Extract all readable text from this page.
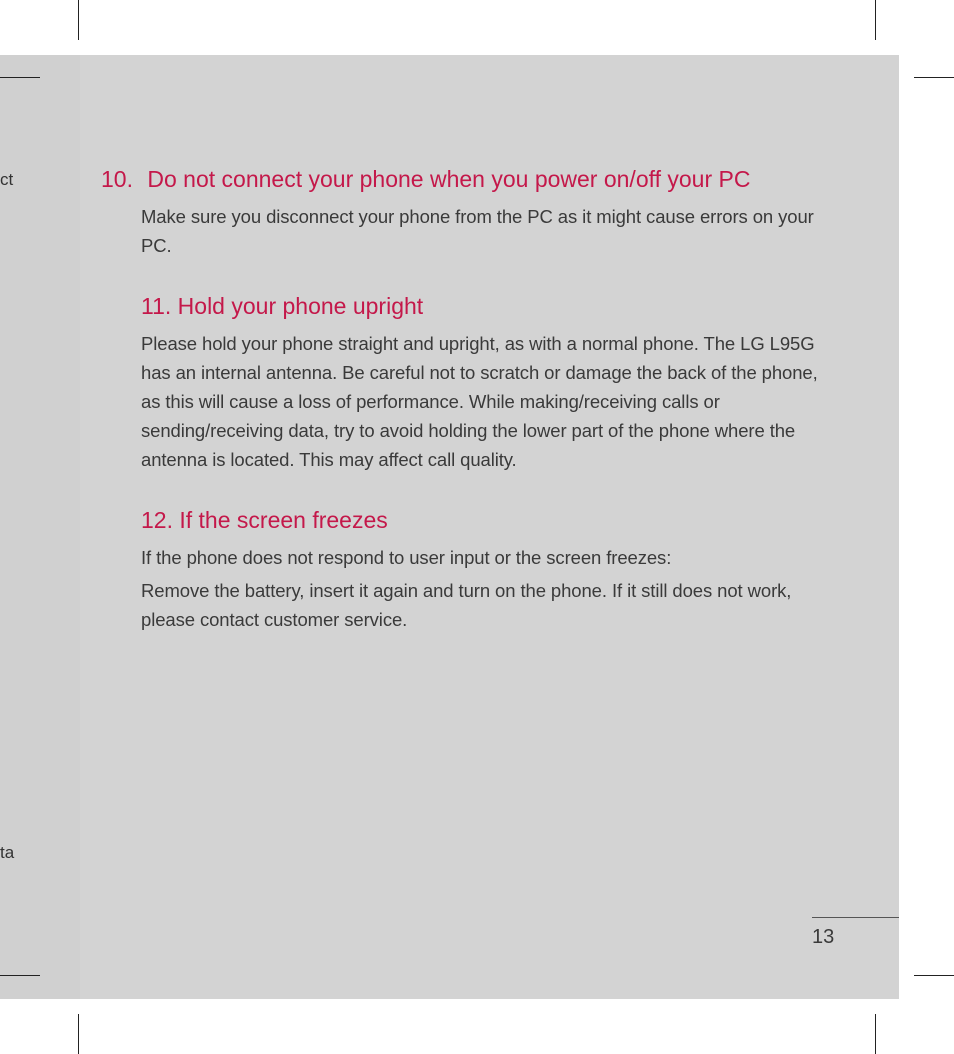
ct
ta
Do not connect your phone when you power on/off your PC

Make sure you disconnect your phone from the PC as it might cause errors on your PC.

11. Hold your phone upright

Please hold your phone straight and upright, as with a normal phone. The LG L95G has an internal antenna. Be careful not to scratch or damage the back of the phone, as this will cause a loss of performance. While making/receiving calls or sending/receiving data, try to avoid holding the lower part of the phone where the antenna is located. This may affect call quality.

12. If the screen freezes

If the phone does not respond to user input or the screen freezes:

Remove the battery, insert it again and turn on the phone. If it still does not work, please contact customer service.

13
